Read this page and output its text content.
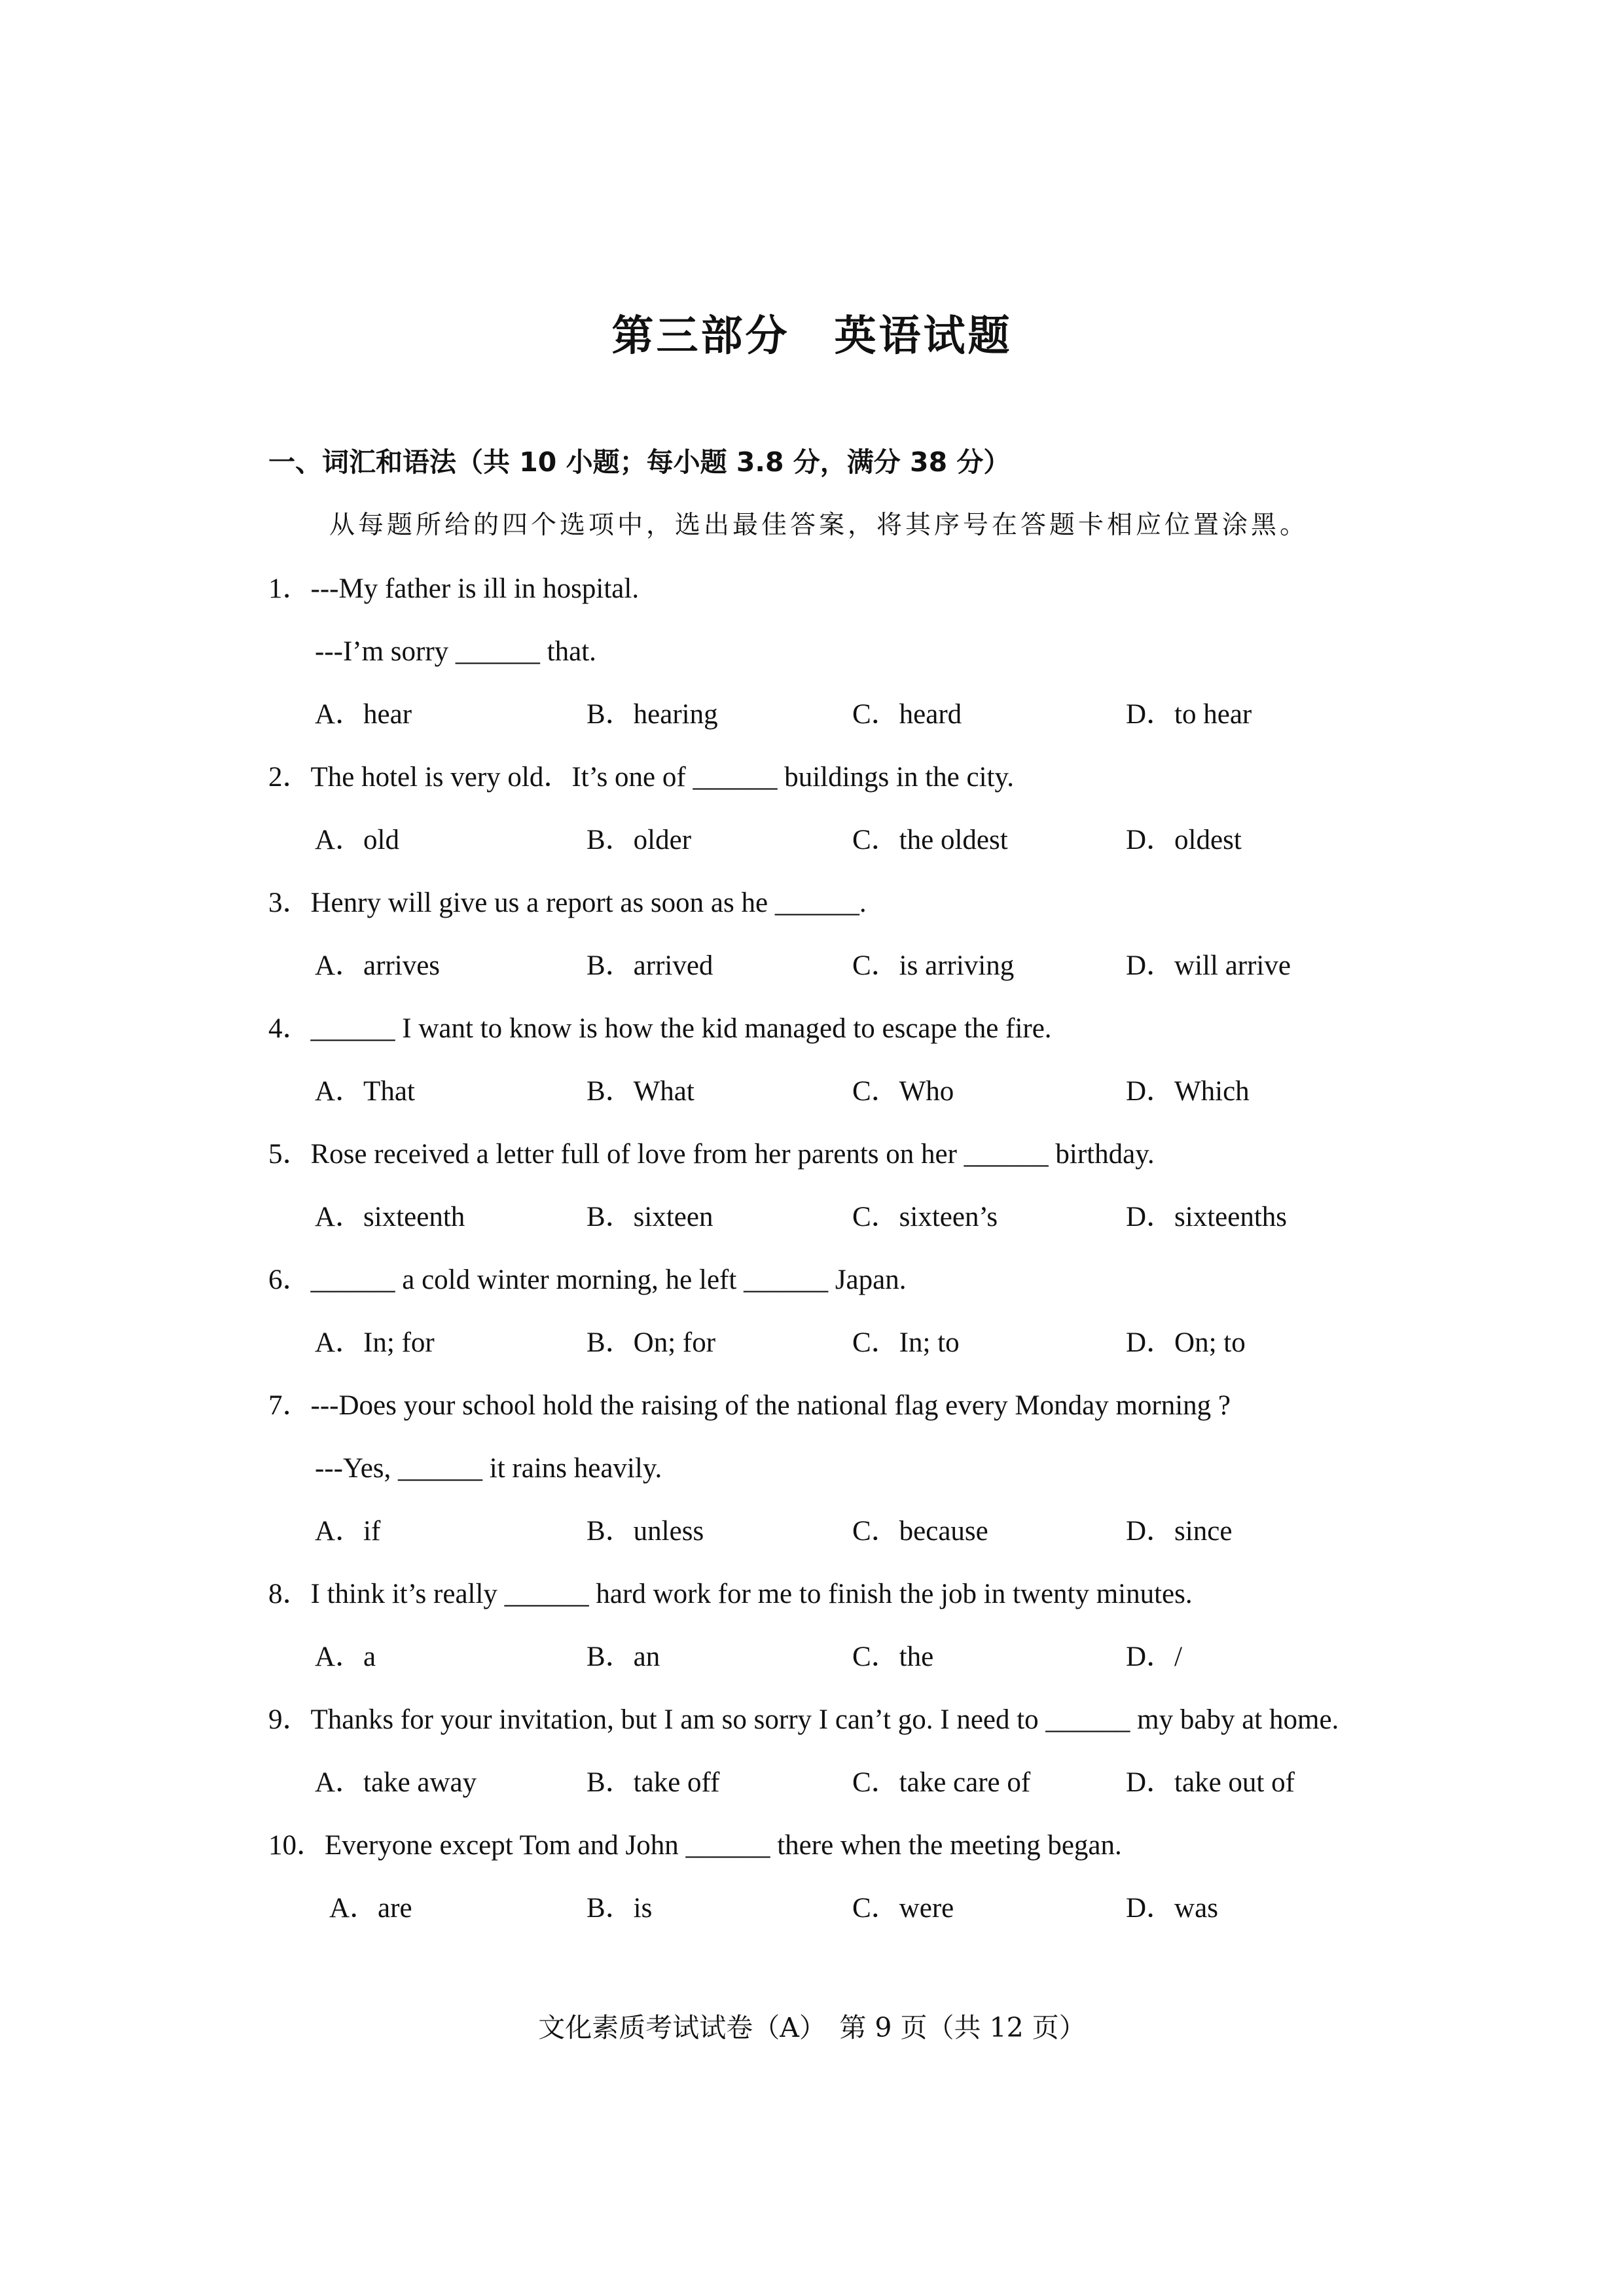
第三部分　英语试题
一、词汇和语法（共 10 小题；每小题 3.8 分，满分 38 分）
从每题所给的四个选项中，选出最佳答案，将其序号在答题卡相应位置涂黑。
1．---My father is ill in hospital.
---I’m sorry ______ that.
A．hear	B．hearing	C．heard	D．to hear
2．The hotel is very old．It’s one of ______ buildings in the city.
A．old	B．older	C．the oldest	D．oldest
3．Henry will give us a report as soon as he ______.
A．arrives	B．arrived	C．is arriving	D．will arrive
4．______ I want to know is how the kid managed to escape the fire.
A．That	B．What	C．Who	D．Which
5．Rose received a letter full of love from her parents on her ______ birthday.
A．sixteenth	B．sixteen	C．sixteen’s	D．sixteenths
6．______ a cold winter morning, he left ______ Japan.
A．In; for	B．On; for	C．In; to	D．On; to
7．---Does your school hold the raising of the national flag every Monday morning ?
---Yes, ______ it rains heavily.
A．if	B．unless	C．because	D．since
8．I think it’s really ______ hard work for me to finish the job in twenty minutes.
A．a	B．an	C．the	D．/
9．Thanks for your invitation, but I am so sorry I can’t go. I need to ______ my baby at home.
A．take away	B．take off	C．take care of	D．take out of
10．Everyone except Tom and John ______ there when the meeting began.
A．are	B．is	C．were	D．was
文化素质考试试卷（A）　第 9 页（共 12 页）
